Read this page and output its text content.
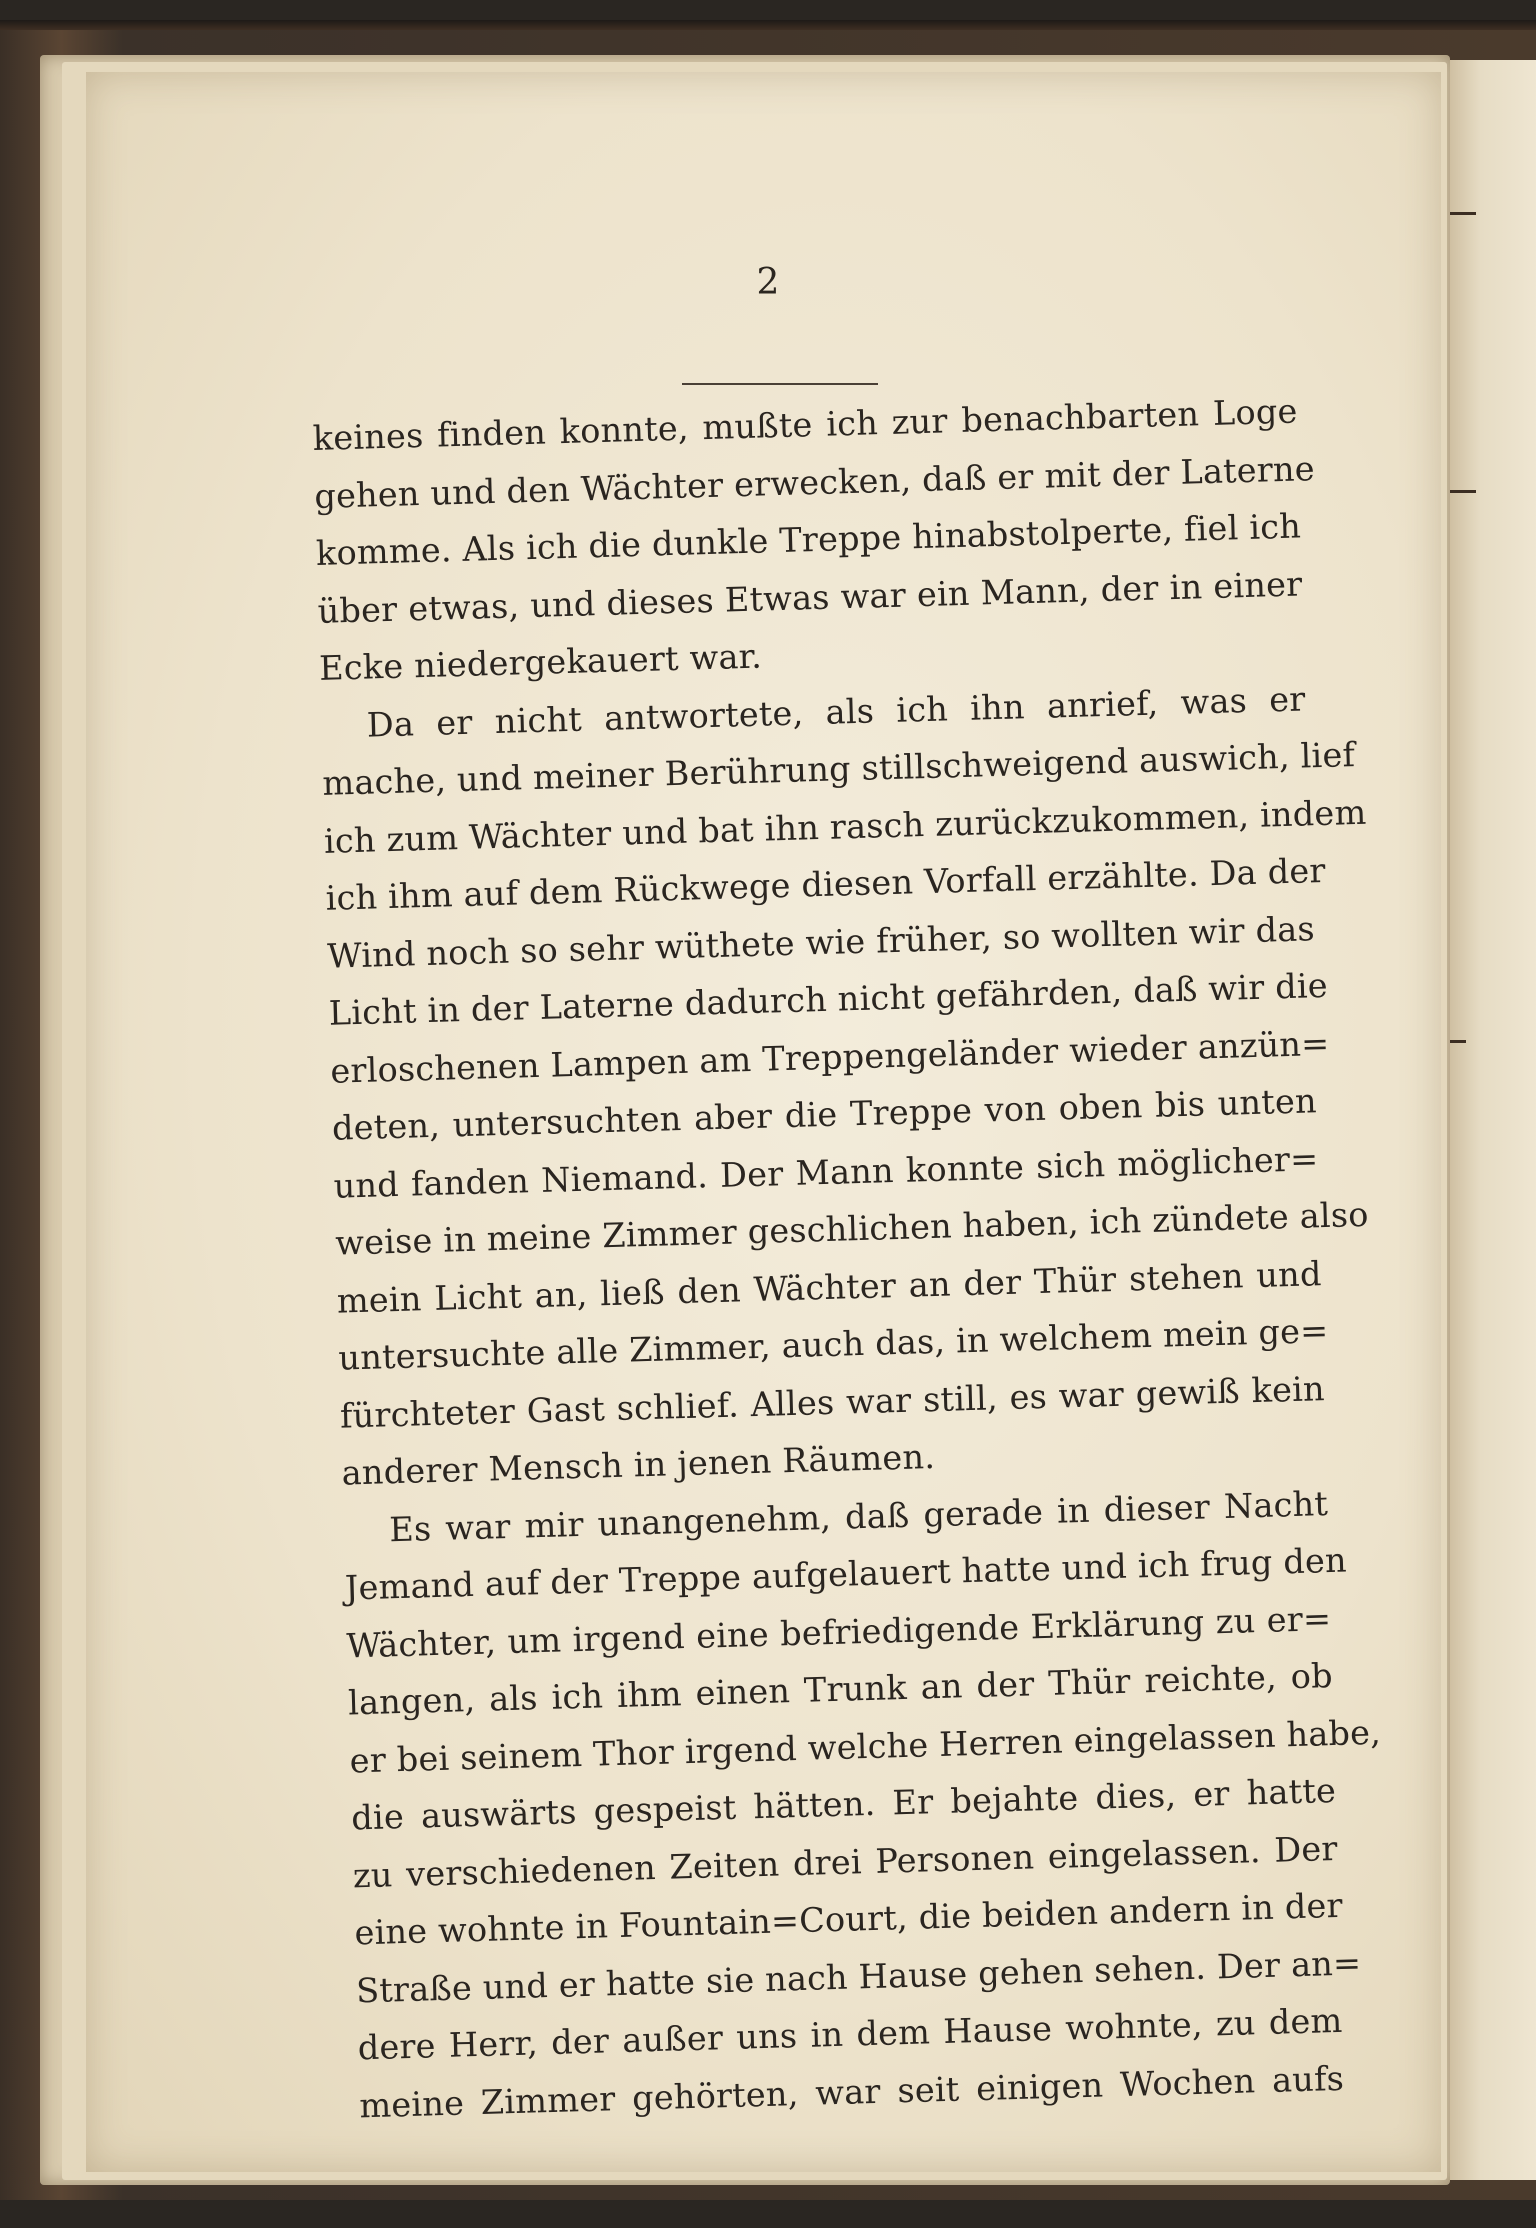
2
keines finden konnte, mußte ich zur benachbarten Loge
gehen und den Wächter erwecken, daß er mit der Laterne
komme. Als ich die dunkle Treppe hinabstolperte, fiel ich
über etwas, und dieses Etwas war ein Mann, der in einer
Ecke niedergekauert war.
Da er nicht antwortete, als ich ihn anrief, was er
mache, und meiner Berührung stillschweigend auswich, lief
ich zum Wächter und bat ihn rasch zurückzukommen, indem
ich ihm auf dem Rückwege diesen Vorfall erzählte. Da der
Wind noch so sehr wüthete wie früher, so wollten wir das
Licht in der Laterne dadurch nicht gefährden, daß wir die
erloschenen Lampen am Treppengeländer wieder anzün=
deten, untersuchten aber die Treppe von oben bis unten
und fanden Niemand. Der Mann konnte sich möglicher=
weise in meine Zimmer geschlichen haben, ich zündete also
mein Licht an, ließ den Wächter an der Thür stehen und
untersuchte alle Zimmer, auch das, in welchem mein ge=
fürchteter Gast schlief. Alles war still, es war gewiß kein
anderer Mensch in jenen Räumen.
Es war mir unangenehm, daß gerade in dieser Nacht
Jemand auf der Treppe aufgelauert hatte und ich frug den
Wächter, um irgend eine befriedigende Erklärung zu er=
langen, als ich ihm einen Trunk an der Thür reichte, ob
er bei seinem Thor irgend welche Herren eingelassen habe,
die auswärts gespeist hätten. Er bejahte dies, er hatte
zu verschiedenen Zeiten drei Personen eingelassen. Der
eine wohnte in Fountain=Court, die beiden andern in der
Straße und er hatte sie nach Hause gehen sehen. Der an=
dere Herr, der außer uns in dem Hause wohnte, zu dem
meine Zimmer gehörten, war seit einigen Wochen aufs
